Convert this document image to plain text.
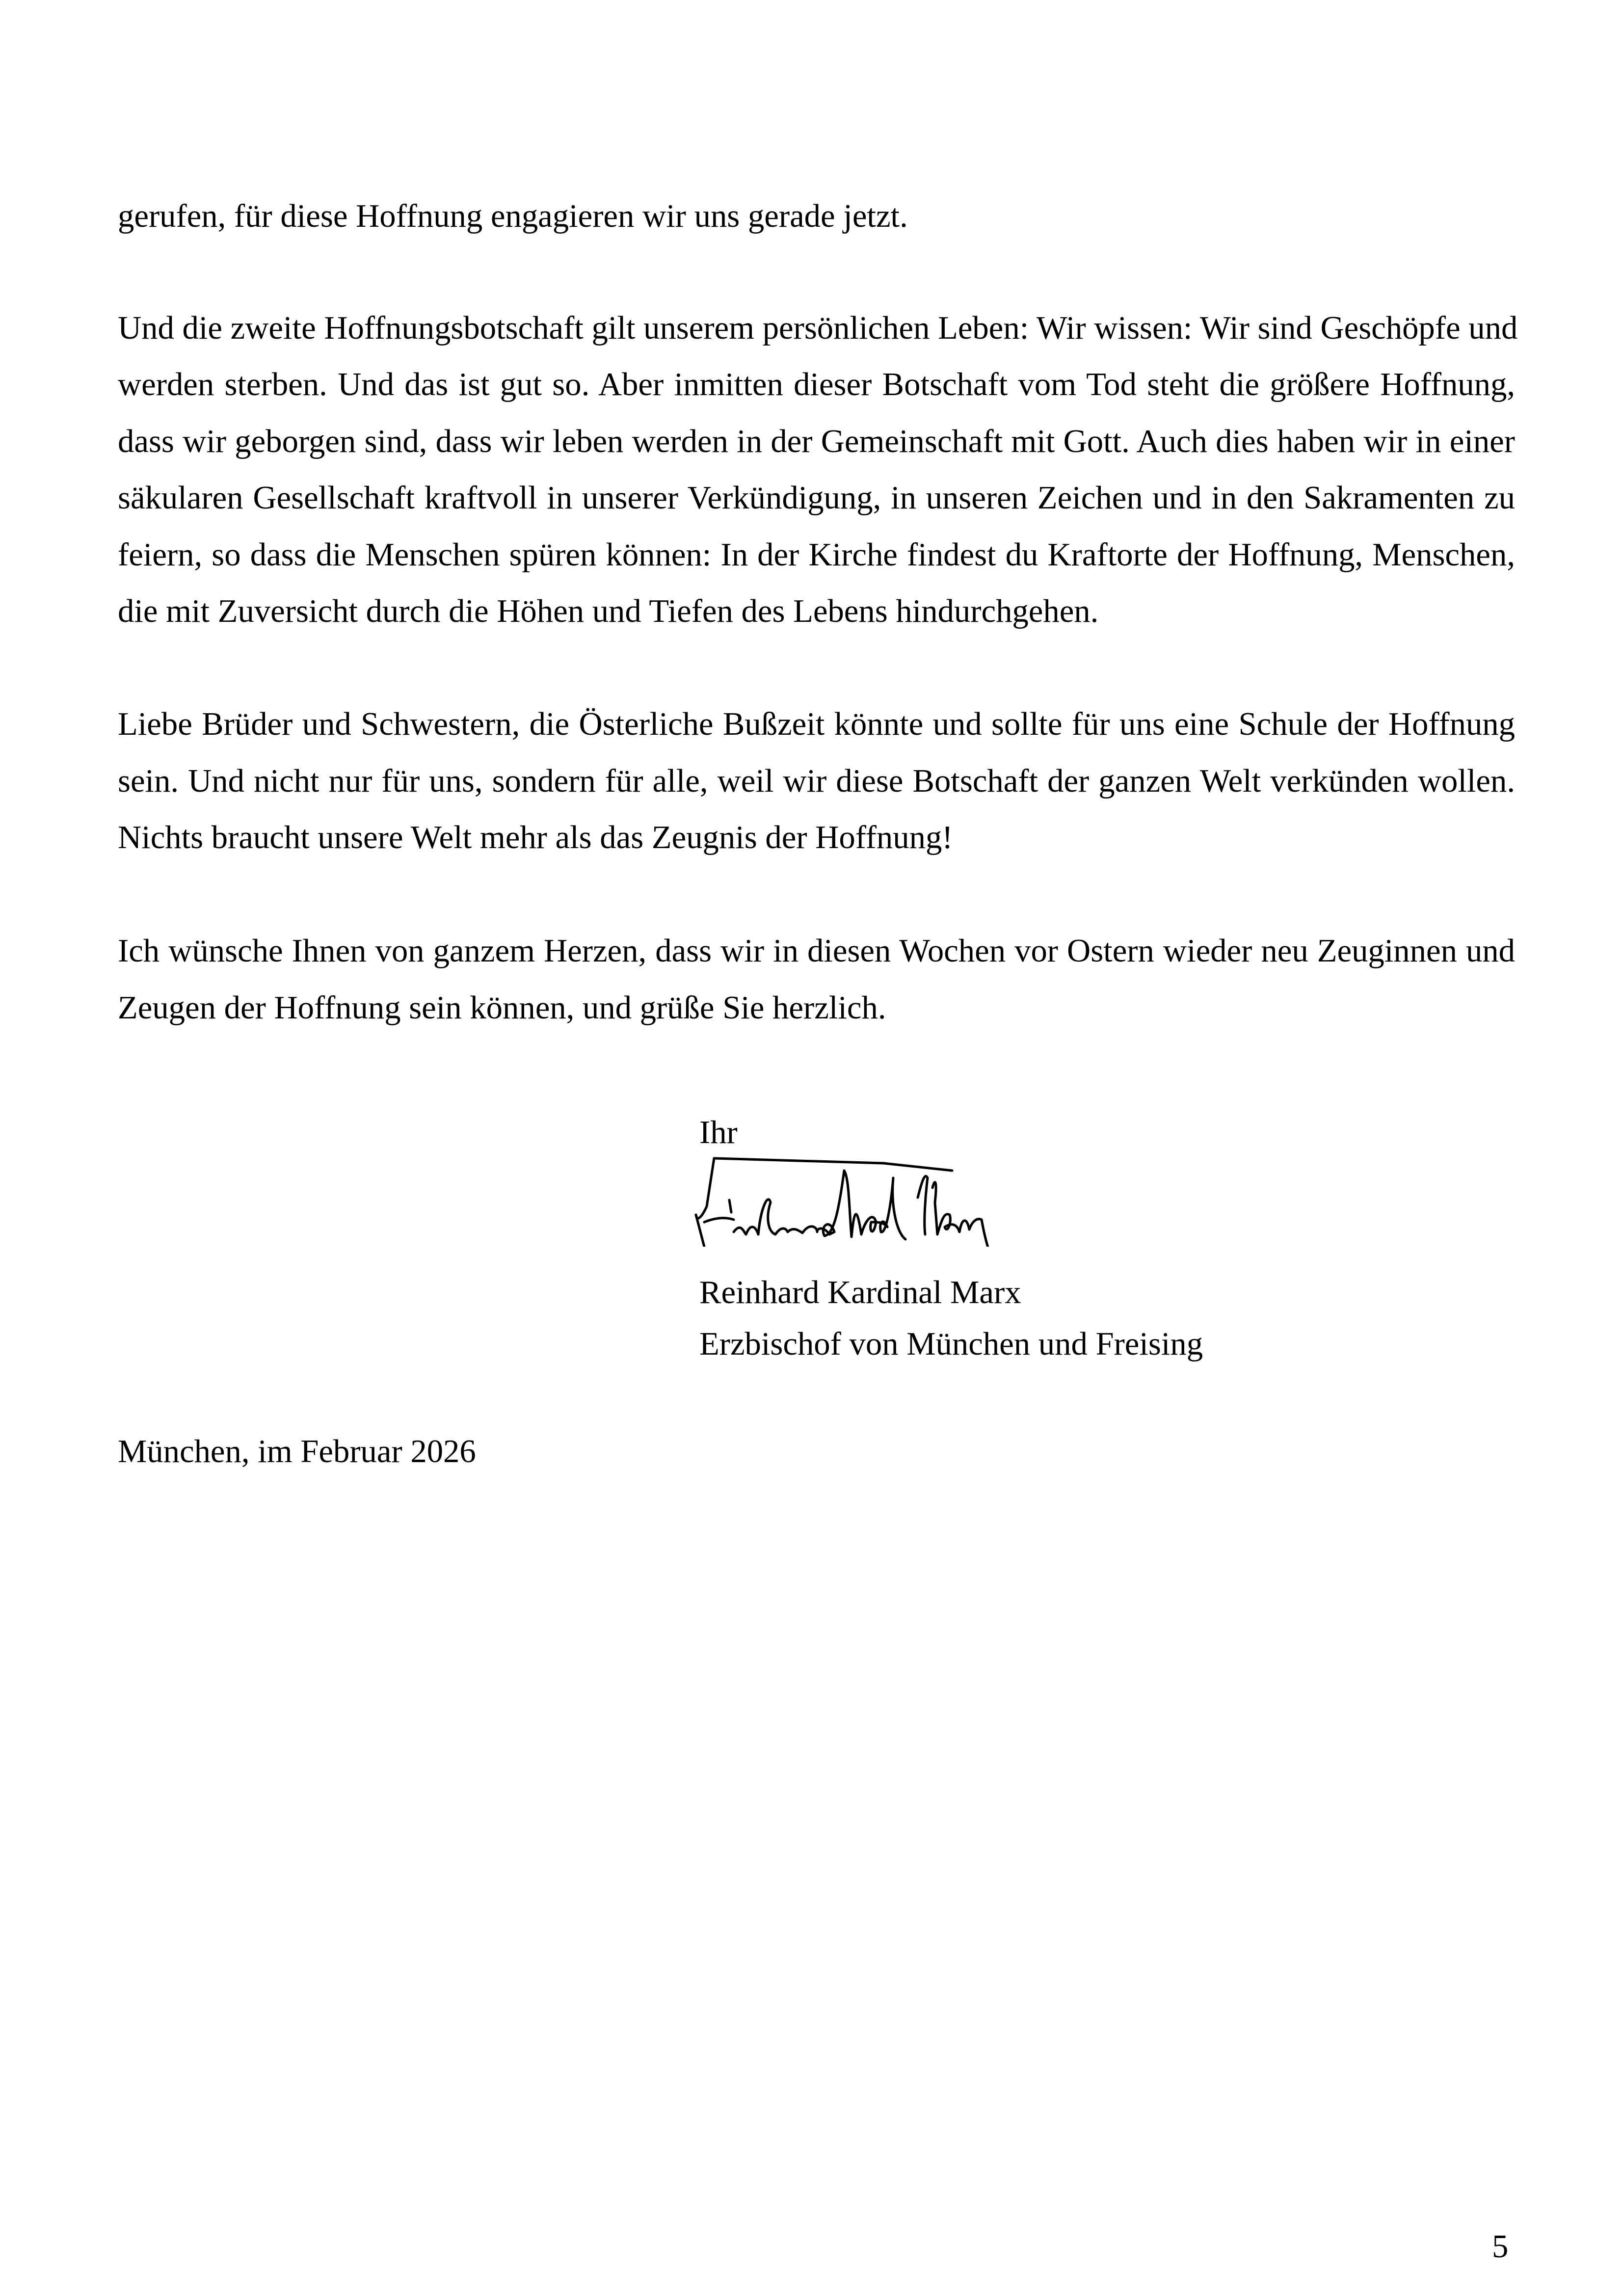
gerufen, für diese Hoffnung engagieren wir uns gerade jetzt.
Und die zweite Hoffnungsbotschaft gilt unserem persönlichen Leben: Wir wissen: Wir sind Geschöpfe und
werden sterben. Und das ist gut so. Aber inmitten dieser Botschaft vom Tod steht die größere Hoffnung,
dass wir geborgen sind, dass wir leben werden in der Gemeinschaft mit Gott. Auch dies haben wir in einer
säkularen Gesellschaft kraftvoll in unserer Verkündigung, in unseren Zeichen und in den Sakramenten zu
feiern, so dass die Menschen spüren können: In der Kirche findest du Kraftorte der Hoffnung, Menschen,
die mit Zuversicht durch die Höhen und Tiefen des Lebens hindurchgehen.
Liebe Brüder und Schwestern, die Österliche Bußzeit könnte und sollte für uns eine Schule der Hoffnung
sein. Und nicht nur für uns, sondern für alle, weil wir diese Botschaft der ganzen Welt verkünden wollen.
Nichts braucht unsere Welt mehr als das Zeugnis der Hoffnung!
Ich wünsche Ihnen von ganzem Herzen, dass wir in diesen Wochen vor Ostern wieder neu Zeuginnen und
Zeugen der Hoffnung sein können, und grüße Sie herzlich.
Ihr
Reinhard Kardinal Marx
Erzbischof von München und Freising
München, im Februar 2026
5
